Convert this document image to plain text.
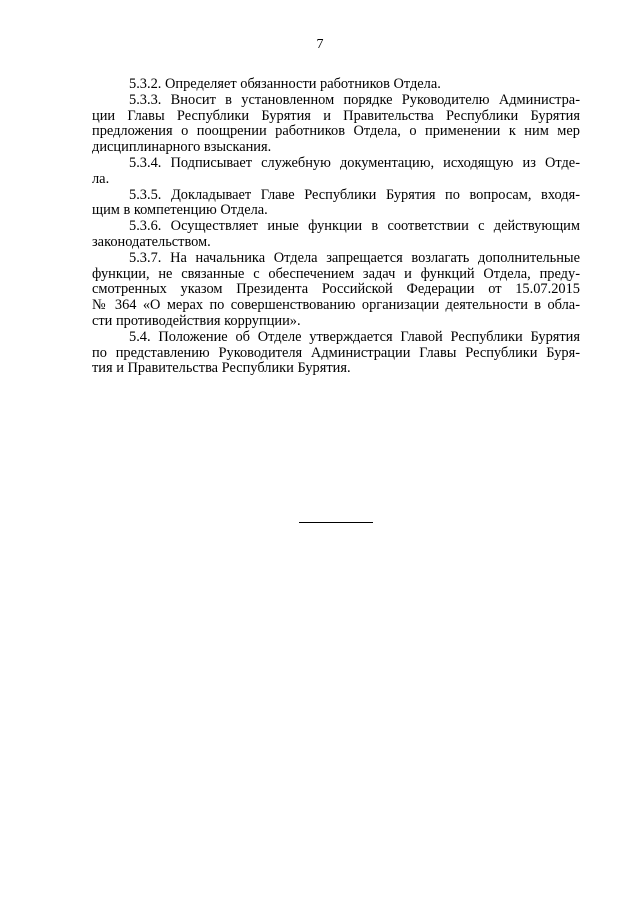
7

5.3.2. Определяет обязанности работников Отдела.

5.3.3. Вносит в установленном порядке Руководителю Администра-
ции Главы Республики Бурятия и Правительства Республики Бурятия
предложения о поощрении работников Отдела, о применении к ним мер
дисциплинарного взыскания.

5.3.4. Подписывает служебную документацию, исходящую из Отде-
ла.

5.3.5. Докладывает Главе Республики Бурятия по вопросам, входя-
щим в компетенцию Отдела.

5.3.6. Осуществляет иные функции в соответствии с действующим
законодательством.

5.3.7. На начальника Отдела запрещается возлагать дополнительные
функции, не связанные с обеспечением задач и функций Отдела, преду-
смотренных указом Президента Российской Федерации от 15.07.2015
№ 364 «О мерах по совершенствованию организации деятельности в обла-
сти противодействия коррупции».

5.4. Положение об Отделе утверждается Главой Республики Бурятия
по представлению Руководителя Администрации Главы Республики Буря-
тия и Правительства Республики Бурятия.
